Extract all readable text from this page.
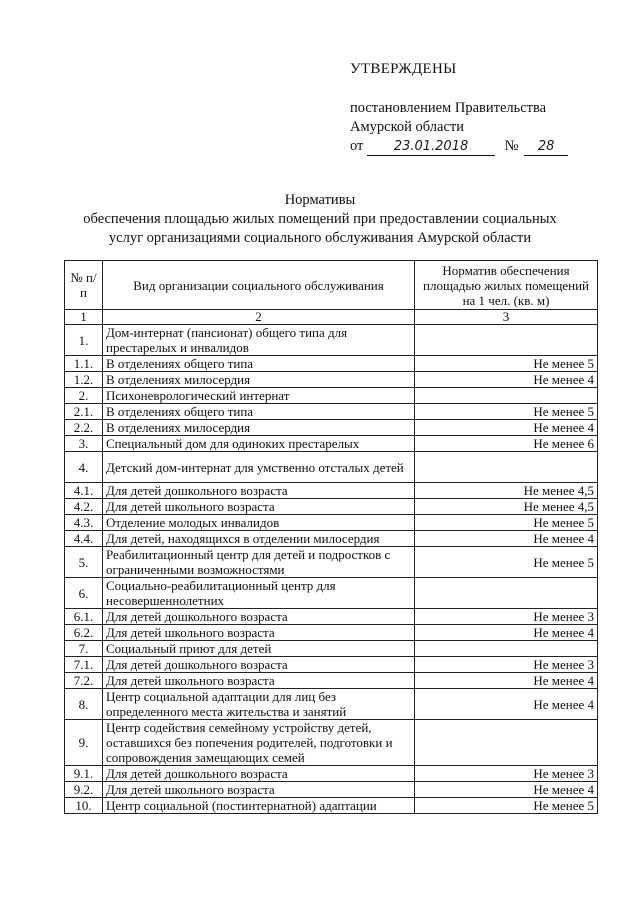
УТВЕРЖДЕНЫ
постановлением Правительства
Амурской области
от 23.01.2018	№ 28
Нормативы
обеспечения площадью жилых помещений при предоставлении социальных
услуг организациями социального обслуживания Амурской области
№ п/п	Вид организации социального обслуживания	Норматив обеспечения площадью жилых помещений на 1 чел. (кв. м)
1	2	3
1.	Дом-интернат (пансионат) общего типа для престарелых и инвалидов	
1.1.	В отделениях общего типа	Не менее 5
1.2.	В отделениях милосердия	Не менее 4
2.	Психоневрологический интернат	
2.1.	В отделениях общего типа	Не менее 5
2.2.	В отделениях милосердия	Не менее 4
3.	Специальный дом для одиноких престарелых	Не менее 6
4.	Детский дом-интернат для умственно отсталых детей	
4.1.	Для детей дошкольного возраста	Не менее 4,5
4.2.	Для детей школьного возраста	Не менее 4,5
4.3.	Отделение молодых инвалидов	Не менее 5
4.4.	Для детей, находящихся в отделении милосердия	Не менее 4
5.	Реабилитационный центр для детей и подростков с ограниченными возможностями	Не менее 5
6.	Социально-реабилитационный центр для несовершеннолетних	
6.1.	Для детей дошкольного возраста	Не менее 3
6.2.	Для детей школьного возраста	Не менее 4
7.	Социальный приют для детей	
7.1.	Для детей дошкольного возраста	Не менее 3
7.2.	Для детей школьного возраста	Не менее 4
8.	Центр социальной адаптации для лиц без определенного места жительства и занятий	Не менее 4
9.	Центр содействия семейному устройству детей, оставшихся без попечения родителей, подготовки и сопровождения замещающих семей	
9.1.	Для детей дошкольного возраста	Не менее 3
9.2.	Для детей школьного возраста	Не менее 4
10.	Центр социальной (постинтернатной) адаптации	Не менее 5
